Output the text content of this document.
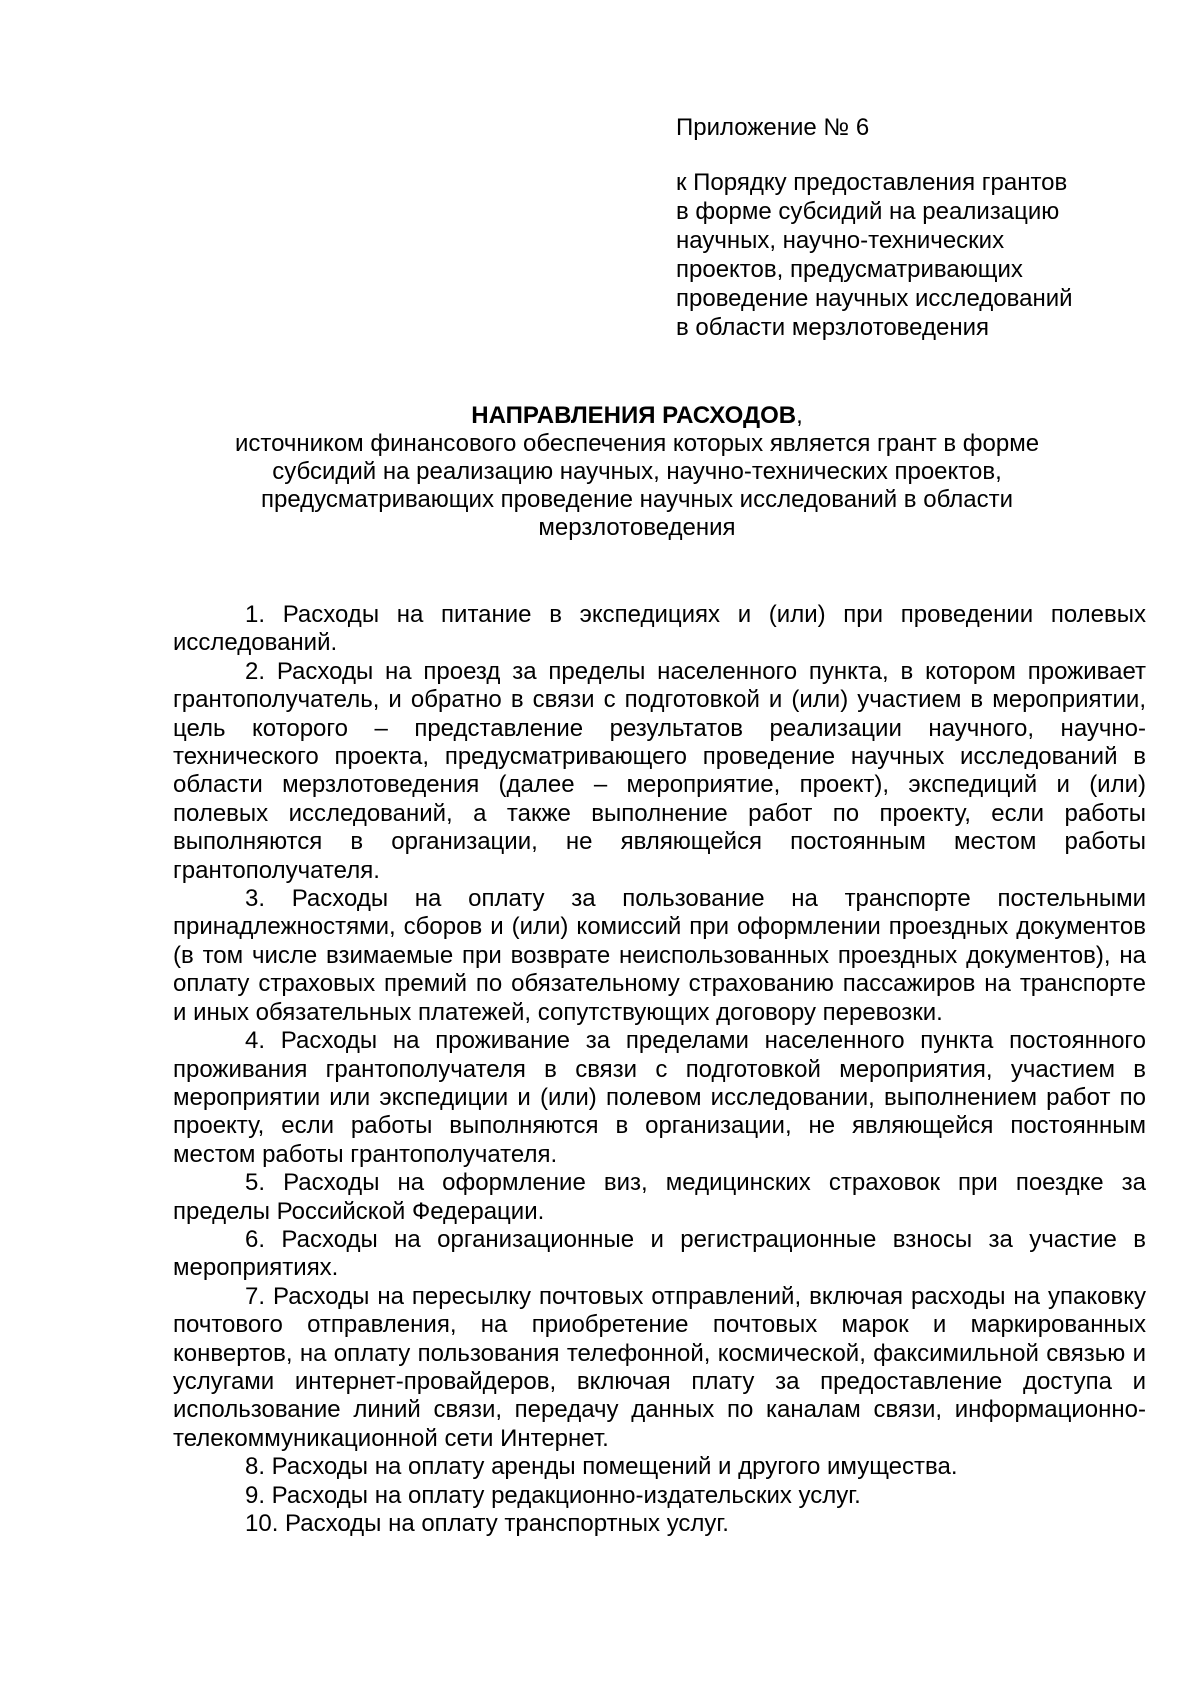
Приложение № 6

к Порядку предоставления грантов
в форме субсидий на реализацию
научных, научно-технических
проектов, предусматривающих
проведение научных исследований
в области мерзлотоведения

НАПРАВЛЕНИЯ РАСХОДОВ,

источником финансового обеспечения которых является грант в форме
субсидий на реализацию научных, научно-технических проектов,
предусматривающих проведение научных исследований в области
мерзлотоведения

1. Расходы на питание в экспедициях и (или) при проведении полевых исследований.

2. Расходы на проезд за пределы населенного пункта, в котором проживает грантополучатель, и обратно в связи с подготовкой и (или) участием в мероприятии, цель которого – представление результатов реализации научного, научно-технического проекта, предусматривающего проведение научных исследований в области мерзлотоведения (далее – мероприятие, проект), экспедиций и (или) полевых исследований, а также выполнение работ по проекту, если работы выполняются в организации, не являющейся постоянным местом работы грантополучателя.

3. Расходы на оплату за пользование на транспорте постельными принадлежностями, сборов и (или) комиссий при оформлении проездных документов (в том числе взимаемые при возврате неиспользованных проездных документов), на оплату страховых премий по обязательному страхованию пассажиров на транспорте и иных обязательных платежей, сопутствующих договору перевозки.

4. Расходы на проживание за пределами населенного пункта постоянного проживания грантополучателя в связи с подготовкой мероприятия, участием в мероприятии или экспедиции и (или) полевом исследовании, выполнением работ по проекту, если работы выполняются в организации, не являющейся постоянным местом работы грантополучателя.

5. Расходы на оформление виз, медицинских страховок при поездке за пределы Российской Федерации.

6. Расходы на организационные и регистрационные взносы за участие в мероприятиях.

7. Расходы на пересылку почтовых отправлений, включая расходы на упаковку почтового отправления, на приобретение почтовых марок и маркированных конвертов, на оплату пользования телефонной, космической, факсимильной связью и услугами интернет-провайдеров, включая плату за предоставление доступа и использование линий связи, передачу данных по каналам связи, информационно-телекоммуникационной сети Интернет.

8. Расходы на оплату аренды помещений и другого имущества.

9. Расходы на оплату редакционно-издательских услуг.

10. Расходы на оплату транспортных услуг.
